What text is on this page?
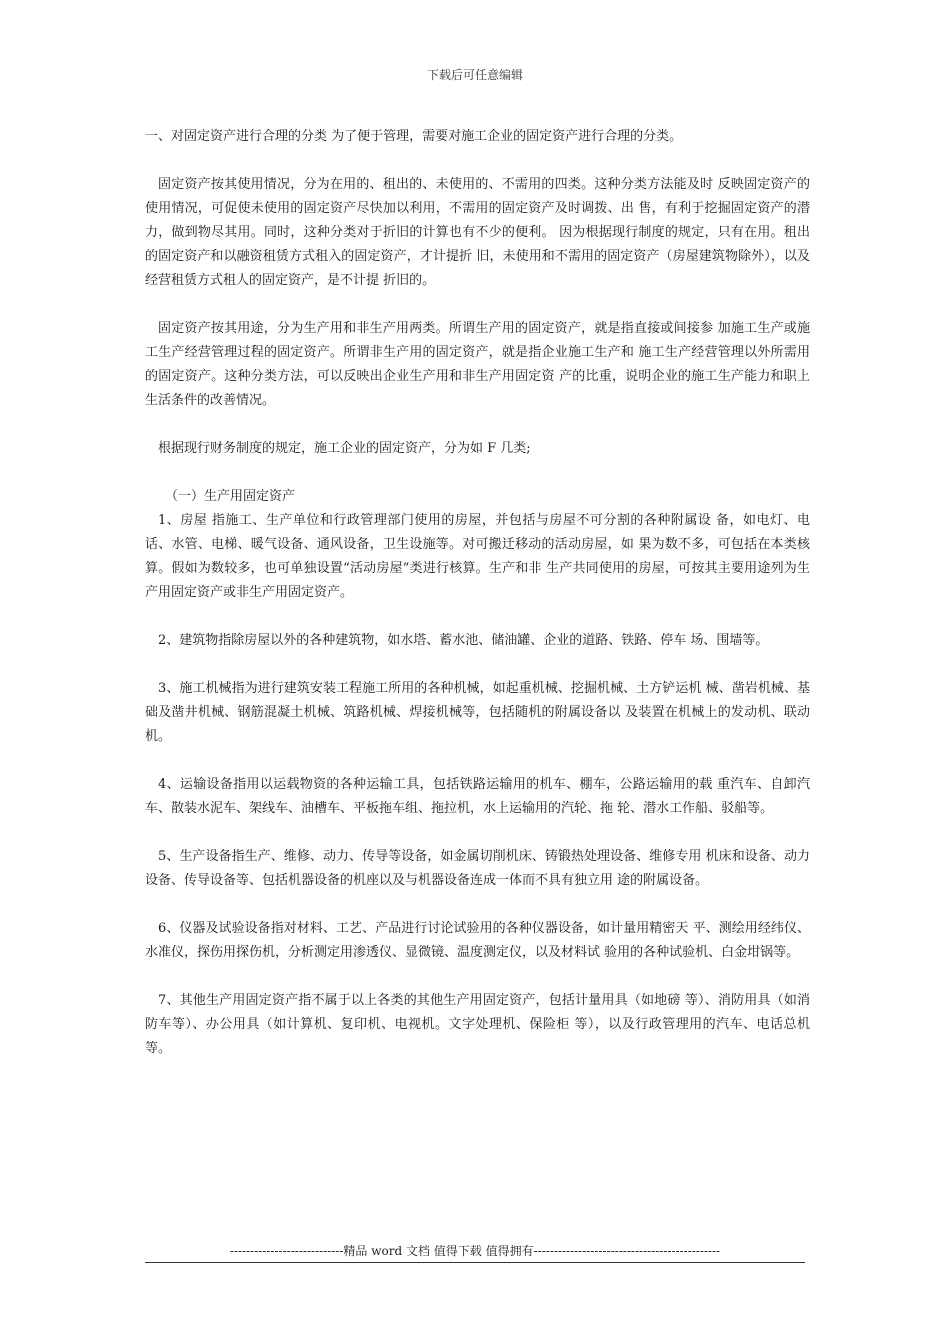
下载后可任意编辑

一、对固定资产进行合理的分类 为了便于管理，需要对施工企业的固定资产进行合理的分类。

固定资产按其使用情况，分为在用的、租出的、未使用的、不需用的四类。这种分类方法能及时 反映固定资产的使用情况，可促使未使用的固定资产尽快加以利用，不需用的固定资产及时调拨、出 售，有利于挖掘固定资产的潜力，做到物尽其用。同时，这种分类对于折旧的计算也有不少的便利。 因为根据现行制度的规定，只有在用。租出的固定资产和以融资租赁方式租入的固定资产，才计提折 旧，未使用和不需用的固定资产（房屋建筑物除外），以及经营租赁方式租人的固定资产，是不计提 折旧的。

固定资产按其用途，分为生产用和非生产用两类。所谓生产用的固定资产，就是指直接或间接参 加施工生产或施工生产经营管理过程的固定资产。所谓非生产用的固定资产，就是指企业施工生产和 施工生产经营管理以外所需用的固定资产。这种分类方法，可以反映出企业生产用和非生产用固定资 产的比重，说明企业的施工生产能力和职上生活条件的改善情况。

根据现行财务制度的规定，施工企业的固定资产，分为如 F 几类;

（一）生产用固定资产

1、房屋 指施工、生产单位和行政管理部门使用的房屋，并包括与房屋不可分割的各种附属设 备，如电灯、电话、水管、电梯、暖气设备、通风设备，卫生设施等。对可搬迁移动的活动房屋，如 果为数不多，可包括在本类核算。假如为数较多，也可单独设置“活动房屋”类进行核算。生产和非 生产共同使用的房屋，可按其主要用途列为生产用固定资产或非生产用固定资产。

2、建筑物指除房屋以外的各种建筑物，如水塔、蓄水池、储油罐、企业的道路、铁路、停车 场、围墙等。

3、施工机械指为进行建筑安装工程施工所用的各种机械，如起重机械、挖掘机械、土方铲运机 械、凿岩机械、基础及凿井机械、钢筋混凝土机械、筑路机械、焊接机械等，包括随机的附属设备以 及装置在机械上的发动机、联动机。

4、运输设备指用以运载物资的各种运输工具，包括铁路运输用的机车、棚车，公路运输用的载 重汽车、自卸汽车、散装水泥车、架线车、油槽车、平板拖车组、拖拉机，水上运输用的汽轮、拖 轮、潜水工作船、驳船等。

5、生产设备指生产、维修、动力、传导等设备，如金属切削机床、铸锻热处理设备、维修专用 机床和设备、动力设备、传导设备等、包括机器设备的机座以及与机器设备连成一体而不具有独立用 途的附属设备。

6、仪器及试验设备指对材料、工艺、产品进行讨论试验用的各种仪器设备，如计量用精密天 平、测绘用经纬仪、水准仪，探伤用探伤机，分析测定用渗透仪、显微镜、温度测定仪，以及材料试 验用的各种试验机、白金坩锅等。

7、其他生产用固定资产指不属于以上各类的其他生产用固定资产，包括计量用具（如地磅 等）、消防用具（如消防车等）、办公用具（如计算机、复印机、电视机。文字处理机、保险柜 等），以及行政管理用的汽车、电话总机等。

----------------------------精品 word 文档 值得下载 值得拥有----------------------------------------------
